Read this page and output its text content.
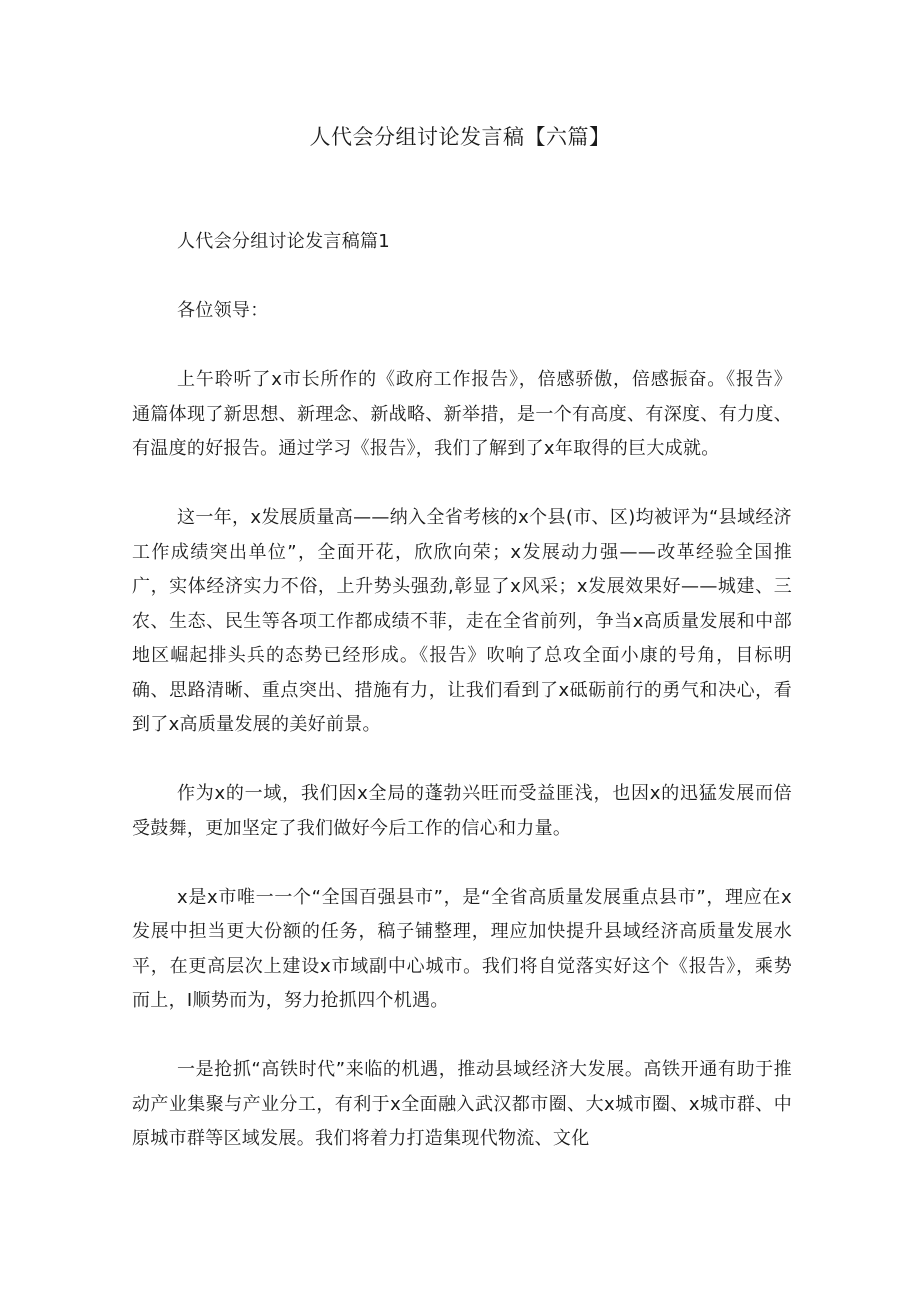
人代会分组讨论发言稿【六篇】

人代会分组讨论发言稿篇1

各位领导：

上午聆听了x市长所作的《政府工作报告》，倍感骄傲，倍感振奋。《报告》通篇体现了新思想、新理念、新战略、新举措，是一个有高度、有深度、有力度、有温度的好报告。通过学习《报告》，我们了解到了x年取得的巨大成就。

这一年，x发展质量高——纳入全省考核的x个县(市、区)均被评为“县域经济工作成绩突出单位”，全面开花，欣欣向荣；x发展动力强——改革经验全国推广，实体经济实力不俗，上升势头强劲,彰显了x风采；x发展效果好——城建、三农、生态、民生等各项工作都成绩不菲，走在全省前列，争当x高质量发展和中部地区崛起排头兵的态势已经形成。《报告》吹响了总攻全面小康的号角，目标明确、思路清晰、重点突出、措施有力，让我们看到了x砥砺前行的勇气和决心，看到了x高质量发展的美好前景。

作为x的一域，我们因x全局的蓬勃兴旺而受益匪浅，也因x的迅猛发展而倍受鼓舞，更加坚定了我们做好今后工作的信心和力量。

x是x市唯一一个“全国百强县市”，是“全省高质量发展重点县市”，理应在x发展中担当更大份额的任务，稿子铺整理，理应加快提升县域经济高质量发展水平，在更高层次上建设x市域副中心城市。我们将自觉落实好这个《报告》，乘势而上，I顺势而为，努力抢抓四个机遇。

一是抢抓“高铁时代”来临的机遇，推动县域经济大发展。高铁开通有助于推动产业集聚与产业分工，有利于x全面融入武汉都市圈、大x城市圈、x城市群、中原城市群等区域发展。我们将着力打造集现代物流、文化
